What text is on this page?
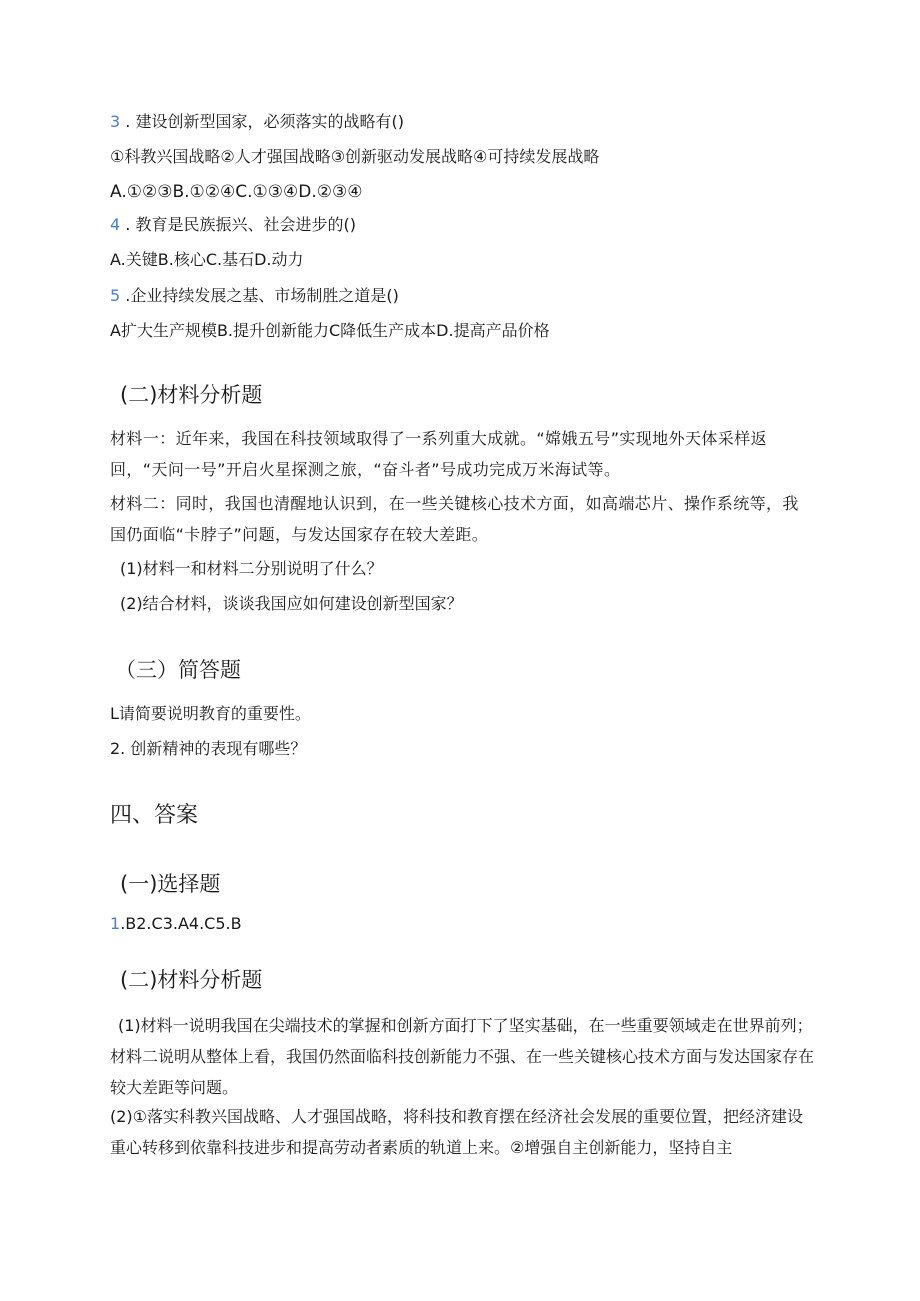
3 . 建设创新型国家，必须落实的战略有()
①科教兴国战略②人才强国战略③创新驱动发展战略④可持续发展战略
A.①②③B.①②④C.①③④D.②③④
4 . 教育是民族振兴、社会进步的()
A.关键B.核心C.基石D.动力
5 .企业持续发展之基、市场制胜之道是()
A扩大生产规模B.提升创新能力C降低生产成本D.提高产品价格
(二)材料分析题
材料一：近年来，我国在科技领域取得了一系列重大成就。“嫦娥五号”实现地外天体采样返回，“天问一号”开启火星探测之旅，“奋斗者”号成功完成万米海试等。
材料二：同时，我国也清醒地认识到，在一些关键核心技术方面，如高端芯片、操作系统等，我国仍面临“卡脖子”问题，与发达国家存在较大差距。
(1)材料一和材料二分别说明了什么？
(2)结合材料，谈谈我国应如何建设创新型国家？
（三）简答题
L请简要说明教育的重要性。
2. 创新精神的表现有哪些？
四、答案
(一)选择题
1.B2.C3.A4.C5.B
(二)材料分析题
(1)材料一说明我国在尖端技术的掌握和创新方面打下了坚实基础，在一些重要领域走在世界前列；材料二说明从整体上看，我国仍然面临科技创新能力不强、在一些关键核心技术方面与发达国家存在较大差距等问题。
(2)①落实科教兴国战略、人才强国战略，将科技和教育摆在经济社会发展的重要位置，把经济建设重心转移到依靠科技进步和提高劳动者素质的轨道上来。②增强自主创新能力，坚持自主
